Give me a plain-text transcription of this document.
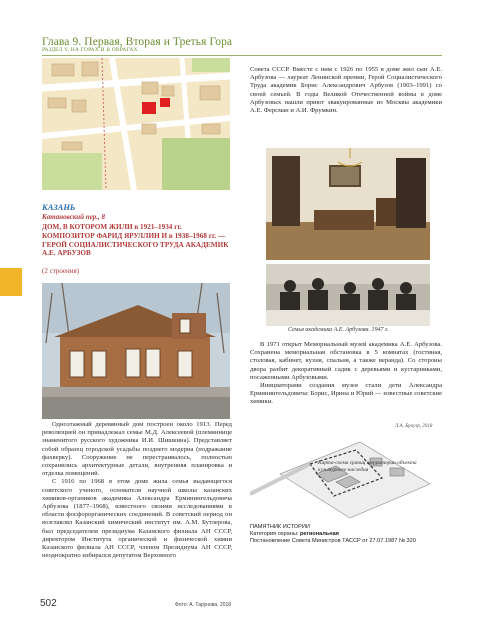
Глава 9. Первая, Вторая и Третья Гора
РАЗДЕЛ V. НА ГОРАХ И В ОВРАГАХ
КАЗАНЬ
Катановский пер., 8
ДОМ, В КОТОРОМ ЖИЛИ в 1921–1934 гг. КОМПОЗИТОР ФАРИД ЯРУЛЛИН И в 1938–1968 гг. — ГЕРОЙ СОЦИАЛИСТИЧЕСКОГО ТРУДА АКАДЕМИК А.Е. АРБУЗОВ
(2 строения)

Одноэтажный деревянный дом построен около 1913. Перед революцией он принадлежал семье М.Д. Алексеевой (племяннице знаменитого русского художника И.И. Шишкина). Представляет собой образец городской усадьбы позднего модерна (подражание фахверку). Сооружение не перестраивалось, полностью сохранились архитектурные детали, внутренняя планировка и отделка помещений.

С 1916 по 1968 в этом доме жила семья выдающегося советского ученого, основателя научной школы казанских химиков-органиков академика Александра Ерминингельдовича Арбузова (1877–1968), известного своими исследованиями в области фосфорорганических соединений. В советский период он возглавлял Казанский химический институт им. А.М. Бутлерова, был председателем президиума Казанского филиала АН СССР, директором Института органической и физической химии Казанского филиала АН СССР, членом Президиума АН СССР, неоднократно избирался депутатом Верховного

Совета СССР. Вместе с ним с 1926 по 1955 в доме жил сын А.Е. Арбузова — лауреат Ленинской премии, Герой Социалистического Труда академик Борис Александрович Арбузов (1903–1991) со своей семьей. В годы Великой Отечественной войны в доме Арбузовых нашли приют эвакуированные из Москвы академики А.Е. Ферсман и А.И. Фрумкин.
Семья академика А.Е. Арбузова. 1947 г.

В 1971 открыт Мемориальный музей академика А.Е. Арбузова. Сохранена мемориальная обстановка в 5 комнатах (гостиная, столовая, кабинет, кухня, спальня, а также веранда). Со стороны двора разбит декоративный садик с деревьями и кустарниками, посаженными Арбузовыми.

Инициаторами создания музея стали дети Александра Ерминингельдовича: Борис, Ирина и Юрий — известные советские химики.

Л.А. Брауэр, 2018
Карта-схема границ территории объекта культурного наследия
ПАМЯТНИК ИСТОРИИ
Категория охраны: региональная
Постановление Совета Министров ТАССР от 27.07.1987 № 320
502	Фото: А. Тарунова, 2018
